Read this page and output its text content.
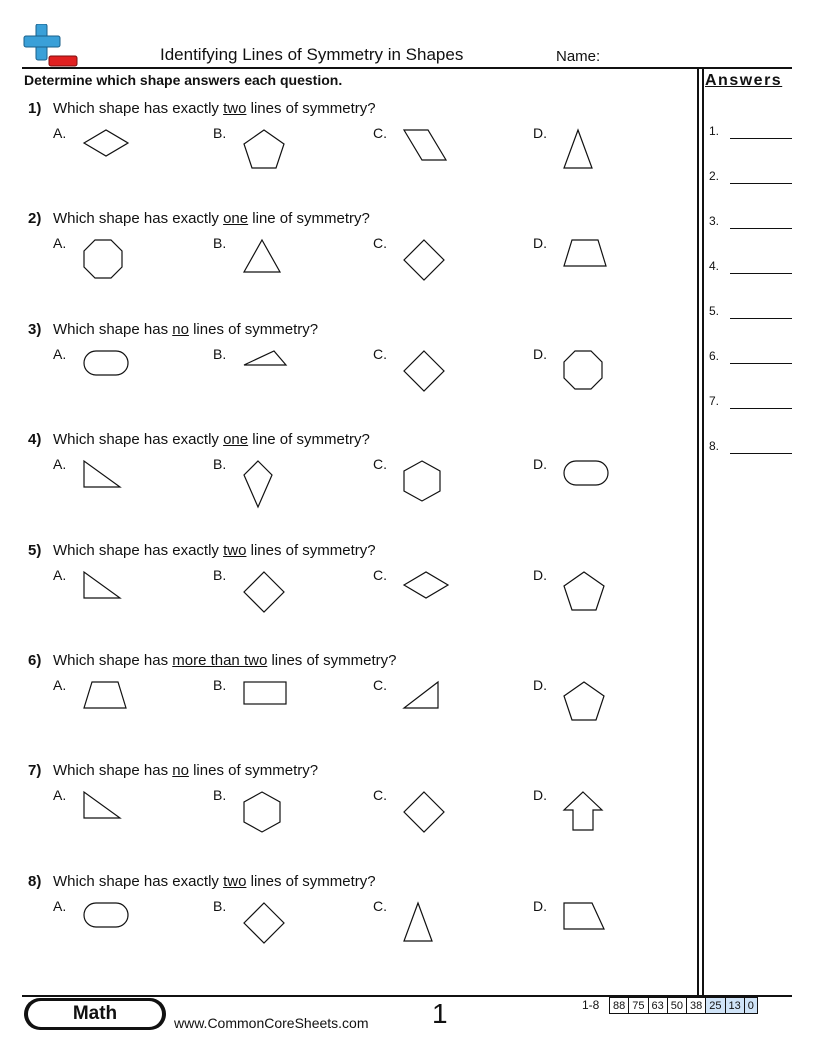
Identifying Lines of Symmetry in Shapes	Name:
Determine which shape answers each question.	Answers
1) Which shape has exactly two lines of symmetry?
A.	B.	C.	D.
2) Which shape has exactly one line of symmetry?
A.	B.	C.	D.
3) Which shape has no lines of symmetry?
A.	B.	C.	D.
4) Which shape has exactly one line of symmetry?
A.	B.	C.	D.
5) Which shape has exactly two lines of symmetry?
A.	B.	C.	D.
6) Which shape has more than two lines of symmetry?
A.	B.	C.	D.
7) Which shape has no lines of symmetry?
A.	B.	C.	D.
8) Which shape has exactly two lines of symmetry?
A.	B.	C.	D.
1.
2.
3.
4.
5.
6.
7.
8.
Math	www.CommonCoreSheets.com 1	1-8 88	75	63	50	38	25	13	0
